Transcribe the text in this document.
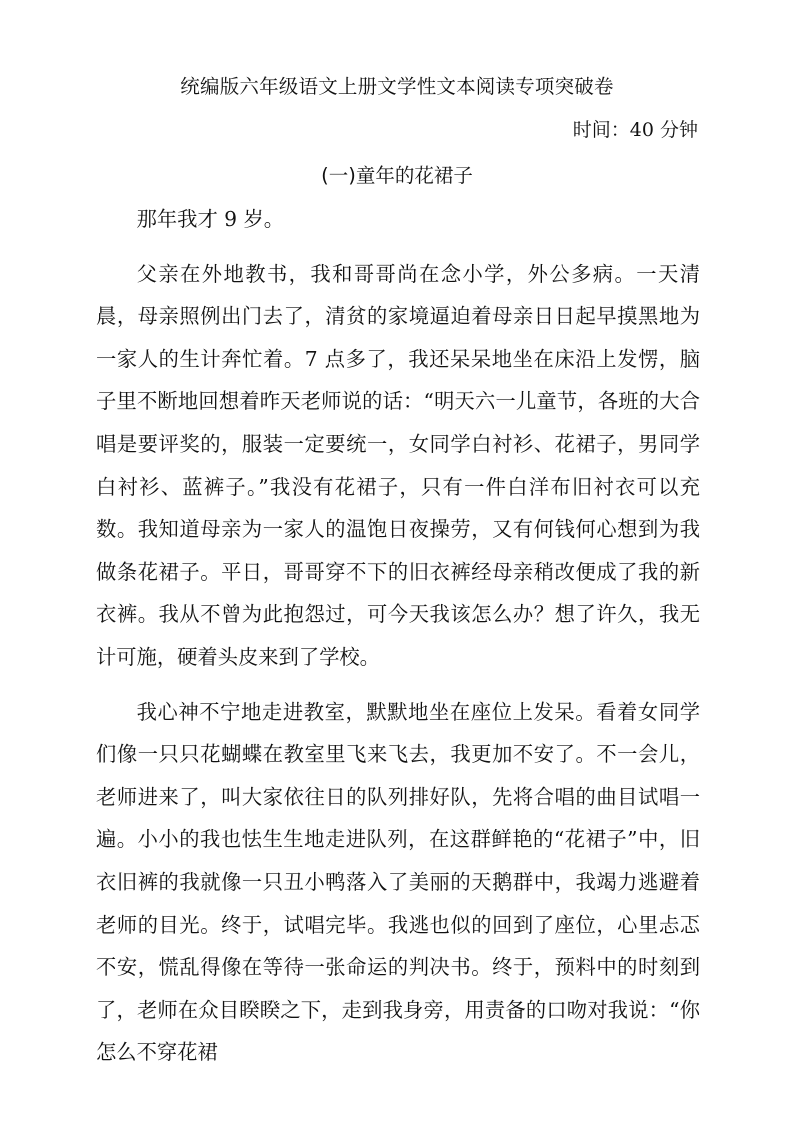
统编版六年级语文上册文学性文本阅读专项突破卷

时间：40 分钟

(一)童年的花裙子

那年我才 9 岁。

父亲在外地教书，我和哥哥尚在念小学，外公多病。一天清晨，母亲照例出门去了，清贫的家境逼迫着母亲日日起早摸黑地为一家人的生计奔忙着。7 点多了，我还呆呆地坐在床沿上发愣，脑子里不断地回想着昨天老师说的话：“明天六一儿童节，各班的大合唱是要评奖的，服装一定要统一，女同学白衬衫、花裙子，男同学白衬衫、蓝裤子。”我没有花裙子，只有一件白洋布旧衬衣可以充数。我知道母亲为一家人的温饱日夜操劳，又有何钱何心想到为我做条花裙子。平日，哥哥穿不下的旧衣裤经母亲稍改便成了我的新衣裤。我从不曾为此抱怨过，可今天我该怎么办？想了许久，我无计可施，硬着头皮来到了学校。

我心神不宁地走进教室，默默地坐在座位上发呆。看着女同学们像一只只花蝴蝶在教室里飞来飞去，我更加不安了。不一会儿，老师进来了，叫大家依往日的队列排好队，先将合唱的曲目试唱一遍。小小的我也怯生生地走进队列，在这群鲜艳的“花裙子”中，旧衣旧裤的我就像一只丑小鸭落入了美丽的天鹅群中，我竭力逃避着老师的目光。终于，试唱完毕。我逃也似的回到了座位，心里忐忑不安，慌乱得像在等待一张命运的判决书。终于，预料中的时刻到了，老师在众目睽睽之下，走到我身旁，用责备的口吻对我说：“你怎么不穿花裙
